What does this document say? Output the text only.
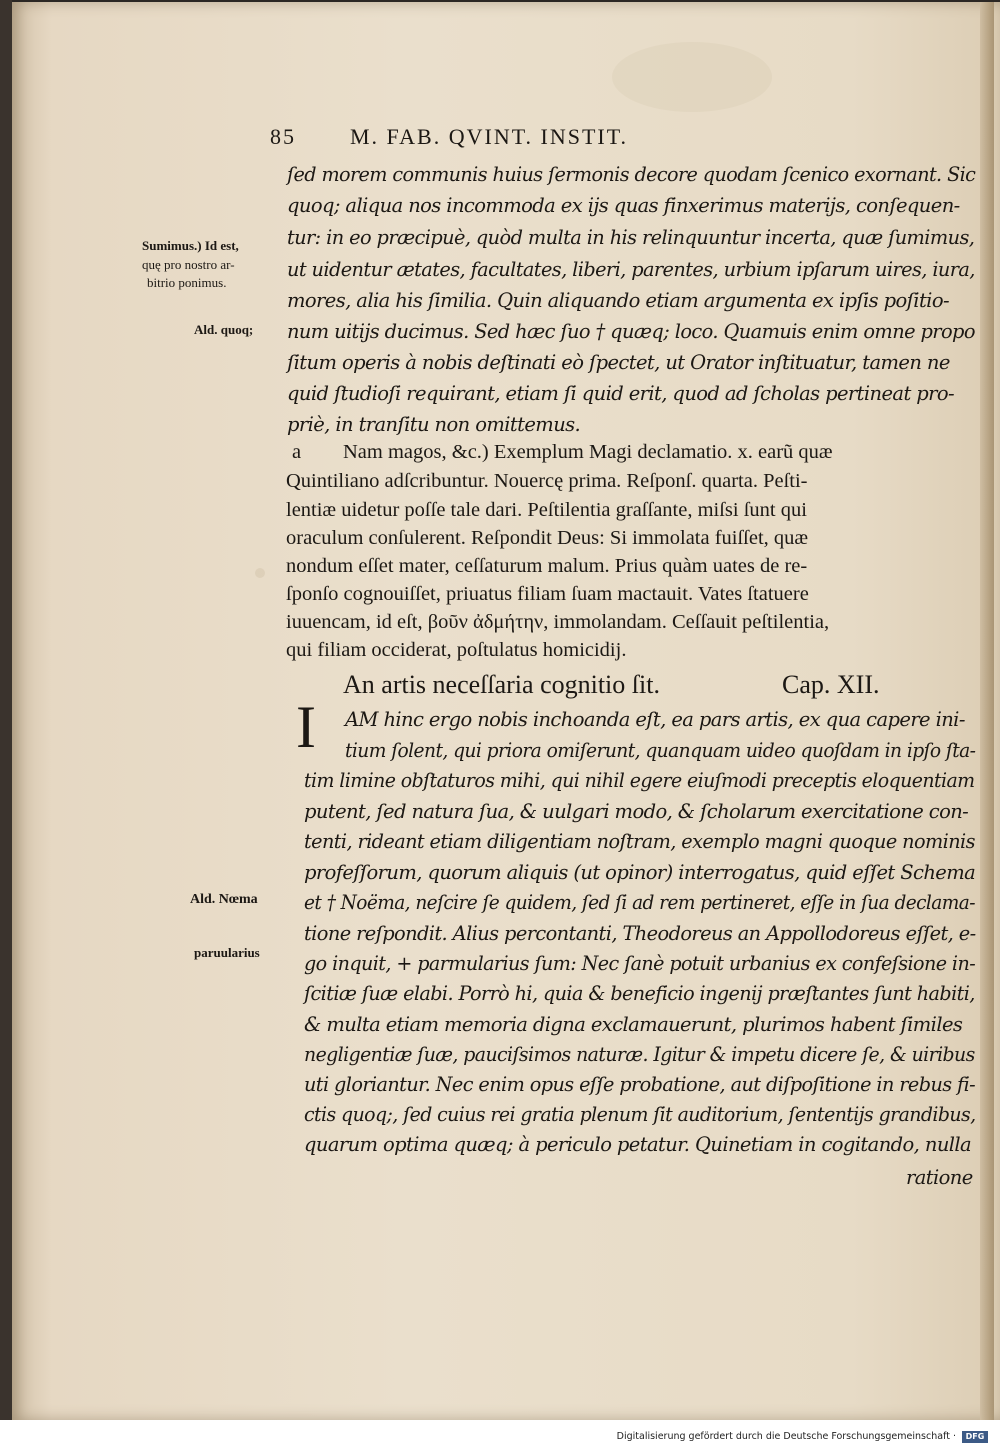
85 M. FAB. QVINT. INSTIT.
Sumimus.) Id est,
quę pro nostro ar-
bitrio ponimus.
Ald. quoq;
Ald. Nœma
paruularius
ſed morem communis huius ſermonis decore quodam ſcenico exornant. Sic
quoq; aliqua nos incommoda ex ijs quas finxerimus materijs, conſequen-
tur: in eo præcipuè, quòd multa in his relinquuntur incerta, quæ ſumimus,
ut uidentur ætates, facultates, liberi, parentes, urbium ipſarum uires, iura,
mores, alia his ſimilia. Quin aliquando etiam argumenta ex ipſis poſitio-
num uitijs ducimus. Sed hæc ſuo † quæq; loco. Quamuis enim omne propo
ſitum operis à nobis deſtinati eò ſpectet, ut Orator inſtituatur, tamen ne
quid ſtudioſi requirant, etiam ſi quid erit, quod ad ſcholas pertineat pro-
priè, in tranſitu non omittemus.
a Nam magos, &c.) Exemplum Magi declamatio. x. earũ quæ
Quintiliano adſcribuntur. Nouercę prima. Reſponſ. quarta. Peſti-
lentiæ uidetur poſſe tale dari. Peſtilentia graſſante, miſsi ſunt qui
oraculum conſulerent. Reſpondit Deus: Si immolata fuiſſet, quæ
nondum eſſet mater, ceſſaturum malum. Prius quàm uates de re-
ſponſo cognouiſſet, priuatus filiam ſuam mactauit. Vates ſtatuere
iuuencam, id eſt, βοῦν ἀδμήτην, immolandam. Ceſſauit peſtilentia,
qui filiam occiderat, poſtulatus homicidij.
An artis neceſſaria cognitio ſit.	Cap. XII.
I	AM hinc ergo nobis inchoanda eſt, ea pars artis, ex qua capere ini-
tium ſolent, qui priora omiſerunt, quanquam uideo quoſdam in ipſo ſta-
tim limine obſtaturos mihi, qui nihil egere eiuſmodi preceptis eloquentiam
putent, ſed natura ſua, & uulgari modo, & ſcholarum exercitatione con-
tenti, rideant etiam diligentiam noſtram, exemplo magni quoque nominis
profeſſorum, quorum aliquis (ut opinor) interrogatus, quid eſſet Schema
et † Noëma, neſcire ſe quidem, ſed ſi ad rem pertineret, eſſe in ſua declama-
tione reſpondit. Alius percontanti, Theodoreus an Appollodoreus eſſet, e-
go inquit, + parmularius ſum: Nec ſanè potuit urbanius ex confeſsione in-
ſcitiæ ſuæ elabi. Porrò hi, quia & beneficio ingenij præſtantes ſunt habiti,
& multa etiam memoria digna exclamauerunt, plurimos habent ſimiles
negligentiæ ſuæ, pauciſsimos naturæ. Igitur & impetu dicere ſe, & uiribus
uti gloriantur. Nec enim opus eſſe probatione, aut diſpoſitione in rebus fi-
ctis quoq;, ſed cuius rei gratia plenum ſit auditorium, ſententijs grandibus,
quarum optima quæq; à periculo petatur. Quinetiam in cogitando, nulla
ratione
Digitalisierung gefördert durch die Deutsche Forschungsgemeinschaft ·	DFG
